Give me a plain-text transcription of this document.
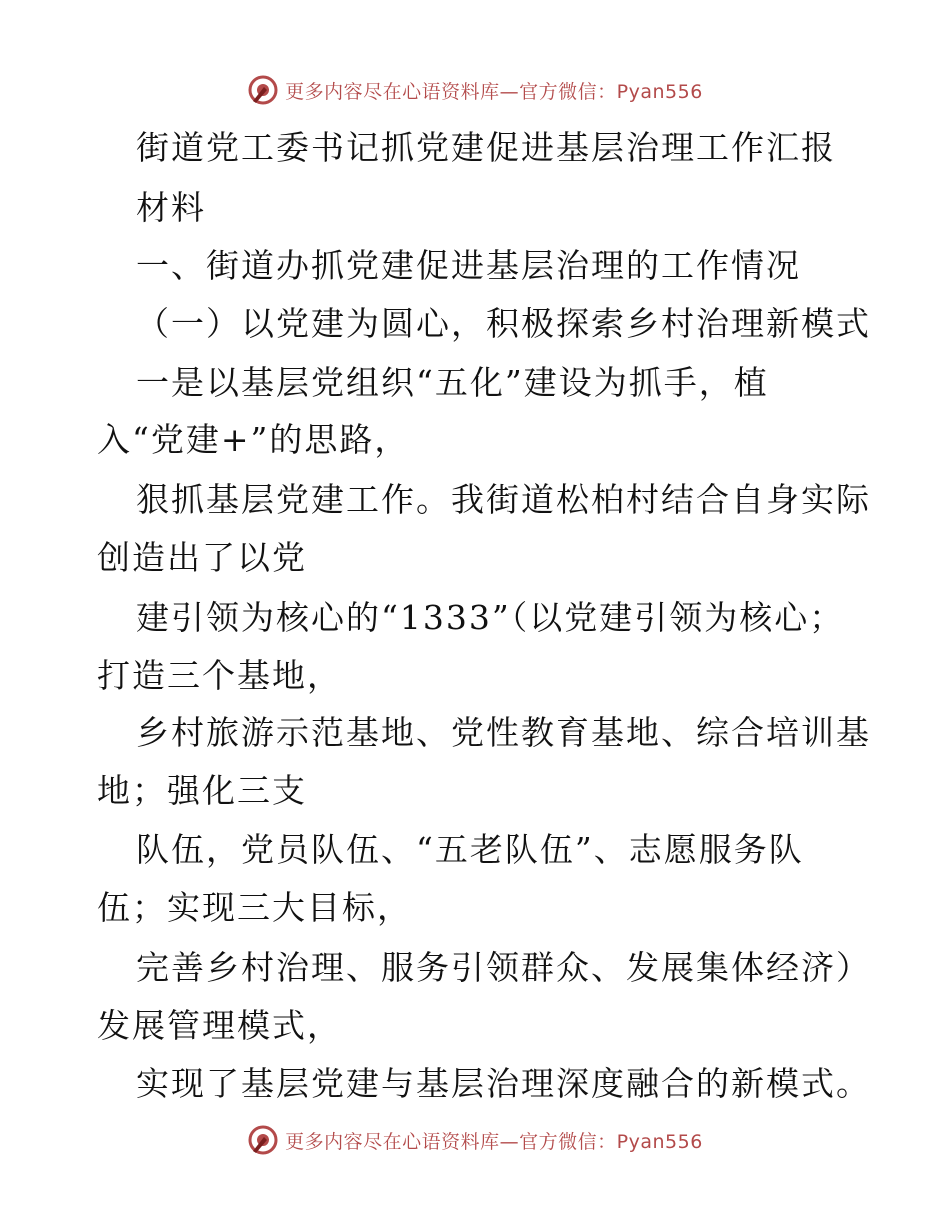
更多内容尽在心语资料库—官方微信：Pyan556
街道党工委书记抓党建促进基层治理工作汇报
材料
一、街道办抓党建促进基层治理的工作情况
（一）以党建为圆心，积极探索乡村治理新模式
一是以基层党组织“五化”建设为抓手，植
入“党建+”的思路，
狠抓基层党建工作。我街道松柏村结合自身实际
创造出了以党
建引领为核心的“1333”（以党建引领为核心；
打造三个基地，
乡村旅游示范基地、党性教育基地、综合培训基
地；强化三支
队伍，党员队伍、“五老队伍”、志愿服务队
伍；实现三大目标，
完善乡村治理、服务引领群众、发展集体经济）
发展管理模式，
实现了基层党建与基层治理深度融合的新模式。
更多内容尽在心语资料库—官方微信：Pyan556
